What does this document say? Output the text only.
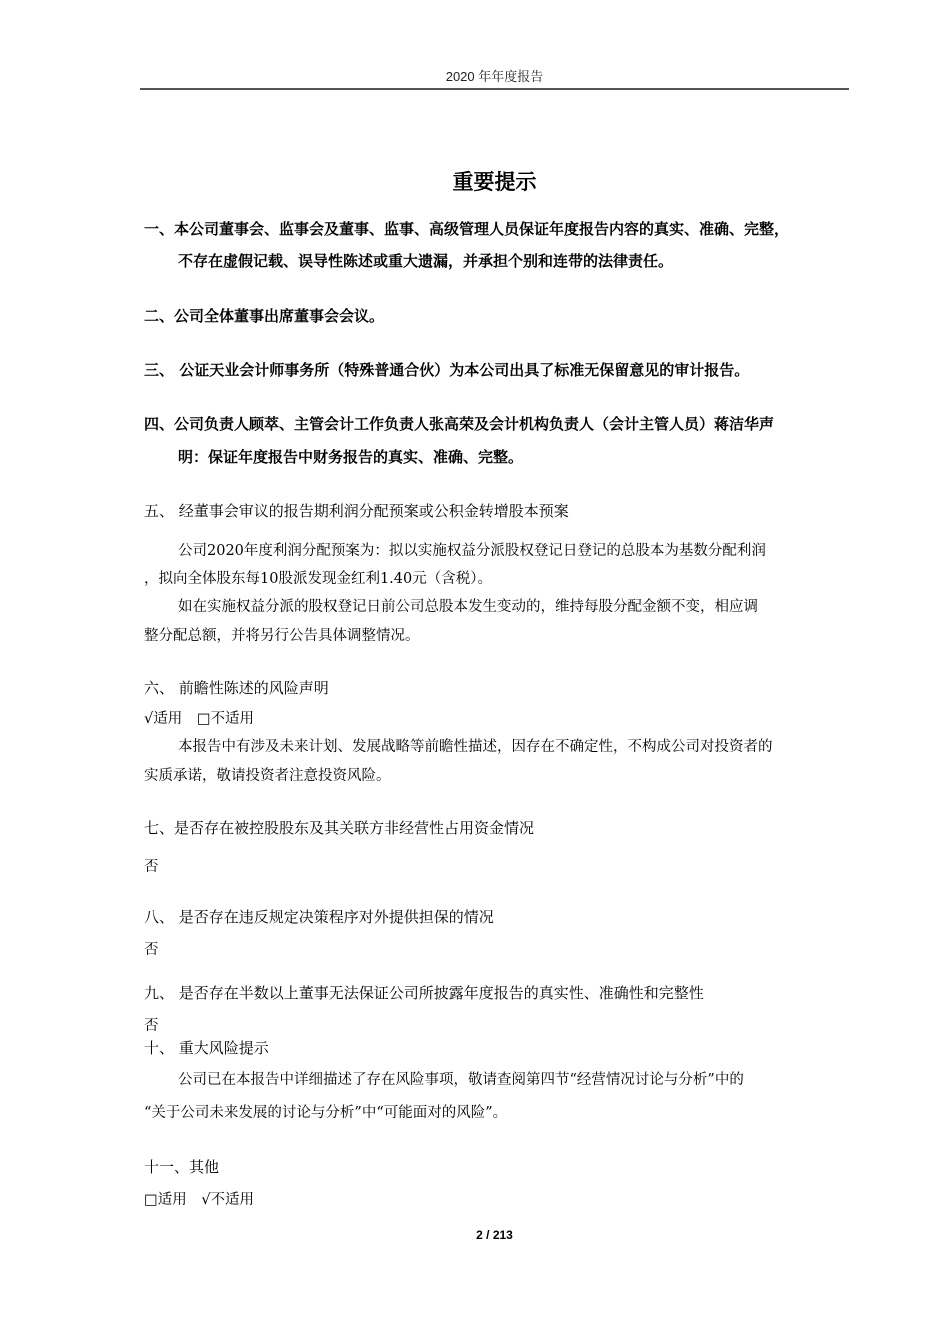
2020 年年度报告
重要提示
一、本公司董事会、监事会及董事、监事、高级管理人员保证年度报告内容的真实、准确、完整，
不存在虚假记载、误导性陈述或重大遗漏，并承担个别和连带的法律责任。
二、公司全体董事出席董事会会议。
三、 公证天业会计师事务所（特殊普通合伙）为本公司出具了标准无保留意见的审计报告。
四、公司负责人顾萃、主管会计工作负责人张高荣及会计机构负责人（会计主管人员）蒋洁华声
明：保证年度报告中财务报告的真实、准确、完整。
五、 经董事会审议的报告期利润分配预案或公积金转增股本预案
公司2020年度利润分配预案为：拟以实施权益分派股权登记日登记的总股本为基数分配利润
，拟向全体股东每10股派发现金红利1.40元（含税）。
如在实施权益分派的股权登记日前公司总股本发生变动的，维持每股分配金额不变，相应调
整分配总额，并将另行公告具体调整情况。
六、 前瞻性陈述的风险声明
√适用 □不适用
本报告中有涉及未来计划、发展战略等前瞻性描述，因存在不确定性，不构成公司对投资者的
实质承诺，敬请投资者注意投资风险。
七、是否存在被控股股东及其关联方非经营性占用资金情况
否
八、 是否存在违反规定决策程序对外提供担保的情况
否
九、 是否存在半数以上董事无法保证公司所披露年度报告的真实性、准确性和完整性
否
十、 重大风险提示
公司已在本报告中详细描述了存在风险事项，敬请查阅第四节“经营情况讨论与分析”中的
“关于公司未来发展的讨论与分析”中“可能面对的风险”。
十一、其他
□适用 √不适用
2 / 213
